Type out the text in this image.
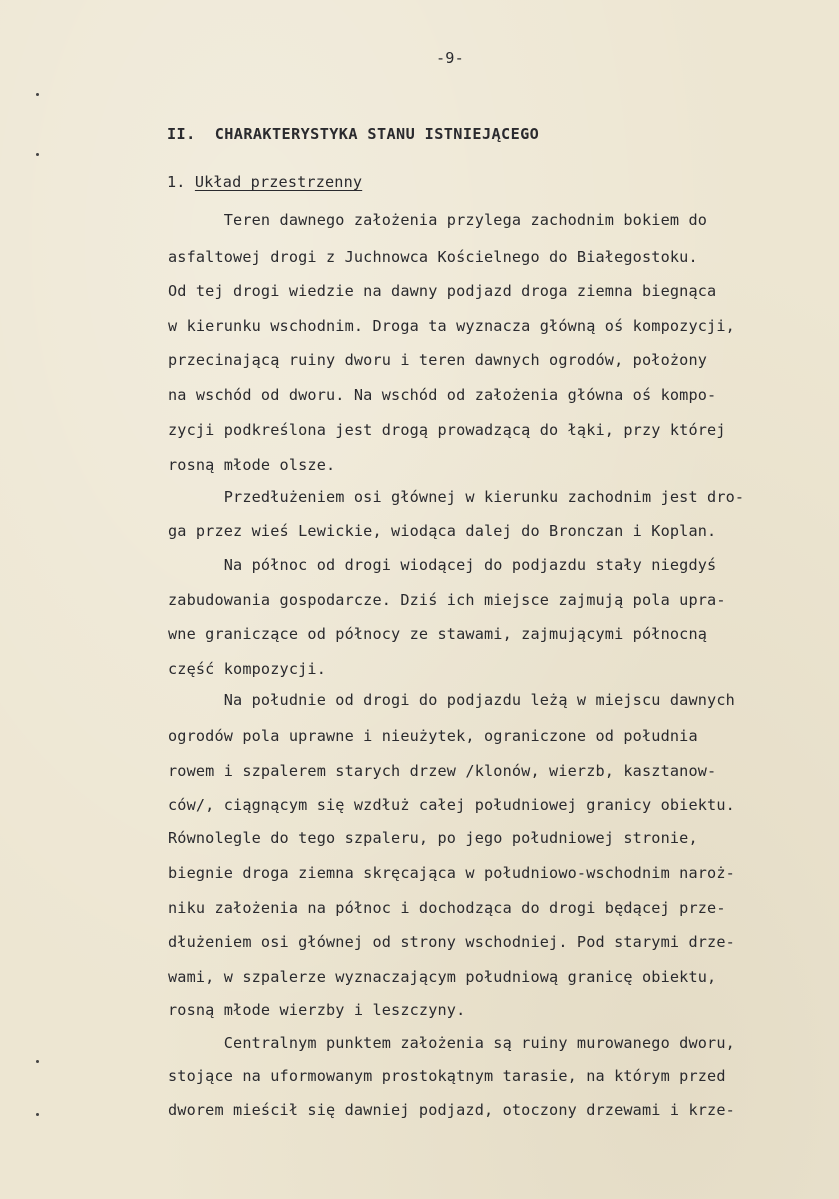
-9-
II.  CHARAKTERYSTYKA STANU ISTNIEJĄCEGO
1. Układ przestrzenny
Teren dawnego założenia przylega zachodnim bokiem do
asfaltowej drogi z Juchnowca Kościelnego do Białegostoku.
Od tej drogi wiedzie na dawny podjazd droga ziemna biegnąca
w kierunku wschodnim. Droga ta wyznacza główną oś kompozycji,
przecinającą ruiny dworu i teren dawnych ogrodów, położony
na wschód od dworu. Na wschód od założenia główna oś kompo-
zycji podkreślona jest drogą prowadzącą do łąki, przy której
rosną młode olsze.
Przedłużeniem osi głównej w kierunku zachodnim jest dro-
ga przez wieś Lewickie, wiodąca dalej do Bronczan i Koplan.
Na północ od drogi wiodącej do podjazdu stały niegdyś
zabudowania gospodarcze. Dziś ich miejsce zajmują pola upra-
wne graniczące od północy ze stawami, zajmującymi północną
część kompozycji.
Na południe od drogi do podjazdu leżą w miejscu dawnych
ogrodów pola uprawne i nieużytek, ograniczone od południa
rowem i szpalerem starych drzew /klonów, wierzb, kasztanow-
ców/, ciągnącym się wzdłuż całej południowej granicy obiektu.
Równolegle do tego szpaleru, po jego południowej stronie,
biegnie droga ziemna skręcająca w południowo-wschodnim naroż-
niku założenia na północ i dochodząca do drogi będącej prze-
dłużeniem osi głównej od strony wschodniej. Pod starymi drze-
wami, w szpalerze wyznaczającym południową granicę obiektu,
rosną młode wierzby i leszczyny.
Centralnym punktem założenia są ruiny murowanego dworu,
stojące na uformowanym prostokątnym tarasie, na którym przed
dworem mieścił się dawniej podjazd, otoczony drzewami i krze-
